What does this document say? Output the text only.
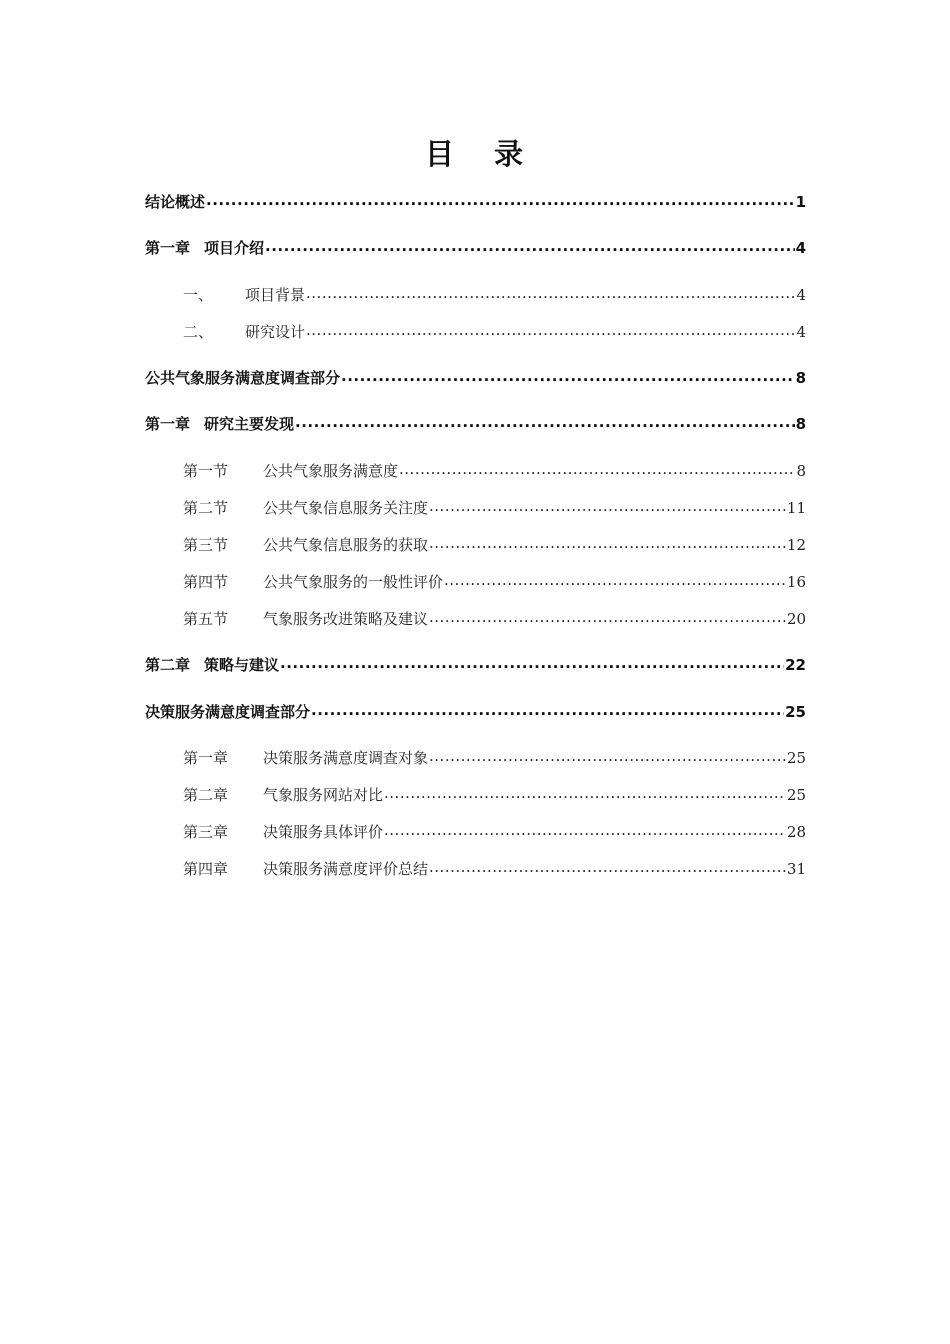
目 录
结论概述 .....	1
第一章 项目介绍 .....	4
一、	项目背景 .....	4
二、	研究设计 .....	4
公共气象服务满意度调查部分 .....	8
第一章 研究主要发现 .....	8
第一节	公共气象服务满意度 .....	8
第二节	公共气象信息服务关注度 .....	11
第三节	公共气象信息服务的获取 .....	12
第四节	公共气象服务的一般性评价 .....	16
第五节	气象服务改进策略及建议 .....	20
第二章 策略与建议 .....	22
决策服务满意度调查部分 .....	25
第一章	决策服务满意度调查对象 .....	25
第二章	气象服务网站对比 .....	25
第三章	决策服务具体评价 .....	28
第四章	决策服务满意度评价总结 .....	31
